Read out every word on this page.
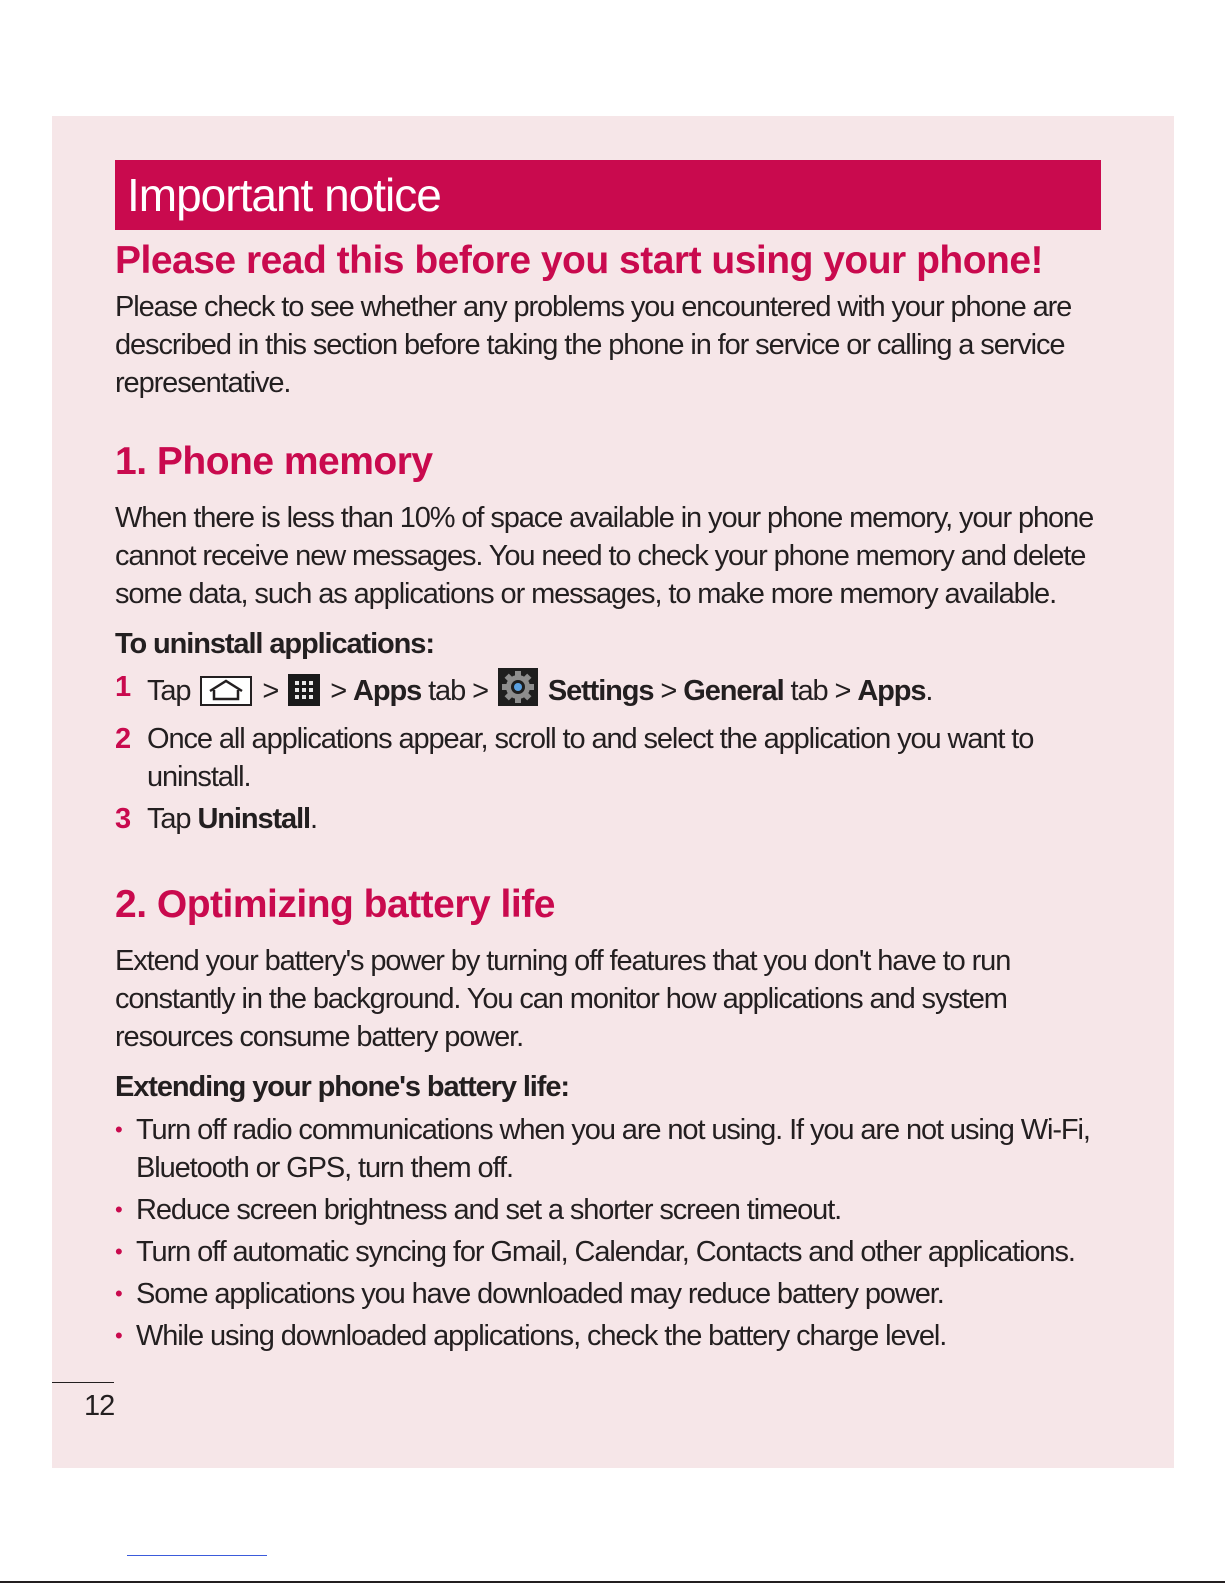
Important notice
Please read this before you start using your phone!

Please check to see whether any problems you encountered with your phone are described in this section before taking the phone in for service or calling a service representative.

1. Phone memory

When there is less than 10% of space available in your phone memory, your phone cannot receive new messages. You need to check your phone memory and delete some data, such as applications or messages, to make more memory available.

To uninstall applications:
1 Tap > > Apps tab > Settings > General tab > Apps.
2 Once all applications appear, scroll to and select the application you want to uninstall.
3 Tap Uninstall.
2. Optimizing battery life

Extend your battery's power by turning off features that you don't have to run constantly in the background. You can monitor how applications and system resources consume battery power.

Extending your phone's battery life:
• Turn off radio communications when you are not using. If you are not using Wi-Fi, Bluetooth or GPS, turn them off.
• Reduce screen brightness and set a shorter screen timeout.
• Turn off automatic syncing for Gmail, Calendar, Contacts and other applications.
• Some applications you have downloaded may reduce battery power.
• While using downloaded applications, check the battery charge level.
12
